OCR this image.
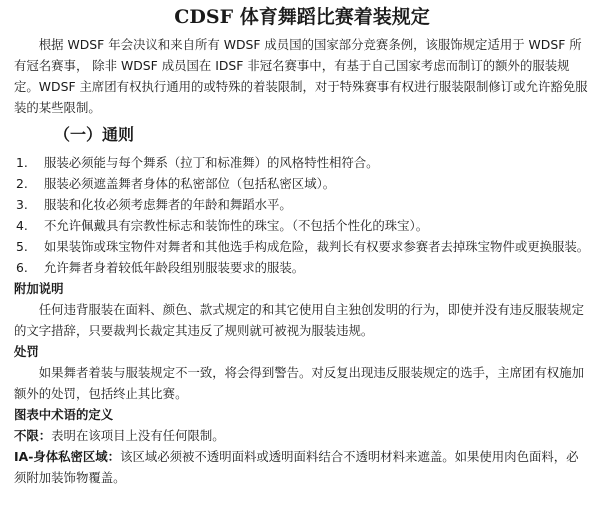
CDSF 体育舞蹈比赛着装规定

根据 WDSF 年会决议和来自所有 WDSF 成员国的国家部分竞赛条例，该服饰规定适用于 WDSF 所有冠名赛事， 除非 WDSF 成员国在 IDSF 非冠名赛事中，有基于自己国家考虑而制订的额外的服装规定。WDSF 主席团有权执行通用的或特殊的着装限制，对于特殊赛事有权进行服装限制修订或允许豁免服装的某些限制。

（一）通则
1.	服装必须能与每个舞系（拉丁和标准舞）的风格特性相符合。
2.	服装必须遮盖舞者身体的私密部位（包括私密区域）。
3.	服装和化妆必须考虑舞者的年龄和舞蹈水平。
4.	不允许佩戴具有宗教性标志和装饰性的珠宝。（不包括个性化的珠宝）。
5.	如果装饰或珠宝物件对舞者和其他选手构成危险，裁判长有权要求参赛者去掉珠宝物件或更换服装。
6.	允许舞者身着较低年龄段组别服装要求的服装。

附加说明

任何违背服装在面料、颜色、款式规定的和其它使用自主独创发明的行为，即使并没有违反服装规定的文字措辞，只要裁判长裁定其违反了规则就可被视为服装违规。

处罚

如果舞者着装与服装规定不一致，将会得到警告。对反复出现违反服装规定的选手，主席团有权施加额外的处罚，包括终止其比赛。

图表中术语的定义

不限：表明在该项目上没有任何限制。

IA-身体私密区域：该区域必须被不透明面料或透明面料结合不透明材料来遮盖。如果使用肉色面料，必须附加装饰物覆盖。
